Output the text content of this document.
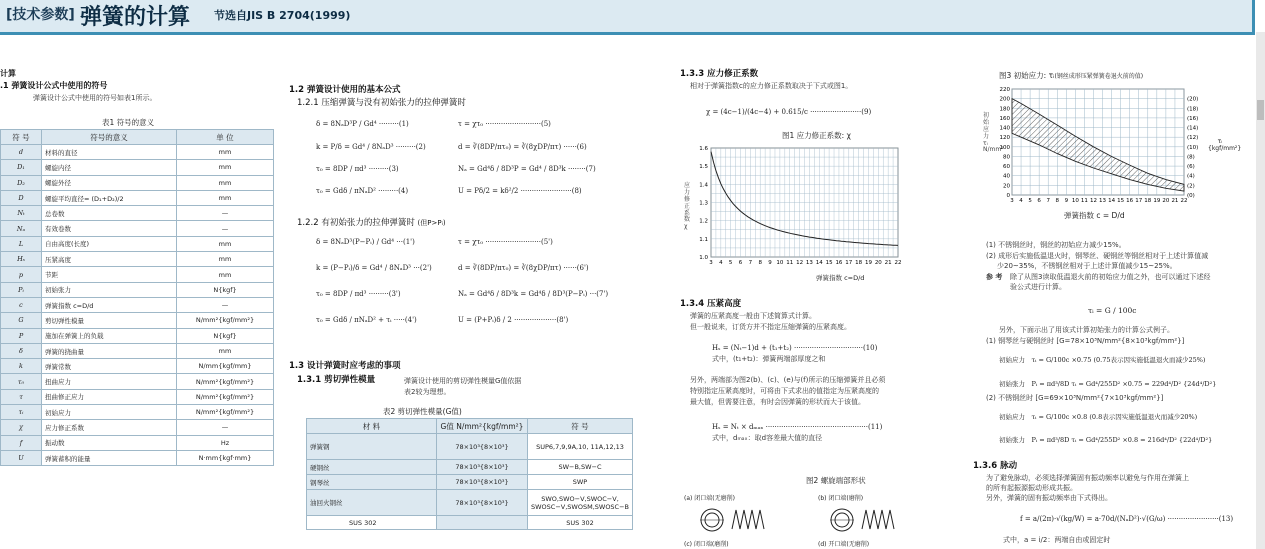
[技术参数] 弹簧的计算 节选自JIS B 2704(1999)
计算
.1 弹簧设计公式中使用的符号
弹簧设计公式中使用的符号如表1所示。
表1 符号的意义
符 号	符号的意义	单 位
d	材料的直径	mm
D₁	螺旋内径	mm
D₂	螺旋外径	mm
D	螺旋平均直径= (D₁+D₂)/2	mm
Nₜ	总卷数	—
Nₐ	有效卷数	—
L	自由高度(长度)	mm
Hₛ	压紧高度	mm
p	节距	mm
Pᵢ	初始张力	N{kgf}
c	弹簧指数 c=D/d	—
G	剪切弹性模量	N/mm²{kgf/mm²}
P	施加在弹簧上的负载	N{kgf}
δ	弹簧的挠曲量	mm
k	弹簧常数	N/mm{kgf/mm}
τ₀	扭曲应力	N/mm²{kgf/mm²}
τ	扭曲修正应力	N/mm²{kgf/mm²}
τᵢ	初始应力	N/mm²{kgf/mm²}
χ	应力修正系数	—
f	振动数	Hz
U	弹簧蓄积的能量	N·mm{kgf·mm}
1.2 弹簧设计使用的基本公式
1.2.1 压缩弹簧与没有初始张力的拉伸弹簧时
δ = 8NₐD³P / Gd⁴ ·········(1)
k = P/δ = Gd⁴ / 8NₐD³ ·········(2)
τ₀ = 8DP / πd³ ·········(3)
τ₀ = Gdδ / πNₐD² ·········(4)
τ = χτ₀ ·························(5)
d = ∛(8DP/πτ₀) = ∛(8χDP/πτ) ······(6)
Nₐ = Gd⁴δ / 8D³P = Gd⁴ / 8D³k ········(7)
U = Pδ/2 = kδ²/2 ·······················(8)
1.2.2 有初始张力的拉伸弹簧时 (但P>Pᵢ)
δ = 8NₐD³(P−Pᵢ) / Gd⁴ ···(1')
k = (P−Pᵢ)/δ = Gd⁴ / 8NₐD³ ···(2')
τ₀ = 8DP / πd³ ·········(3')
τ₀ = Gdδ / πNₐD² + τᵢ ·····(4')
τ = χτ₀ ·························(5')
d = ∛(8DP/πτ₀) = ∛(8χDP/πτ) ······(6')
Nₐ = Gd⁴δ / 8D³k = Gd⁴δ / 8D³(P−Pᵢ) ···(7')
U = (P+Pᵢ)δ / 2 ···················(8')
1.3 设计弹簧时应考虑的事项
1.3.1 剪切弹性模量	弹簧设计使用的剪切弹性模量G值依据
表2较为理想。
表2 剪切弹性模量(G值)
材 料	G值 N/mm²{kgf/mm²}	符 号
弹簧钢	78×10³{8×10³}	SUP6,7,9,9A,10, 11A,12,13
硬钢丝	78×10³{8×10³}	SW−B,SW−C
钢琴丝	78×10³{8×10³}	SWP
油回火钢丝	78×10³{8×10³}	SWO,SWO−V,SWOC−V, SWOSC−V,SWOSM,SWOSC−B
SUS 302		SUS 302
1.3.3 应力修正系数
相对于弹簧指数c的应力修正系数取决于下式或图1。
χ = (4c−1)/(4c−4) + 0.615/c ·······················(9)
图1 应力修正系数: χ
应力修正系数 χ
1.6
1.5
1.4
1.3
1.2
1.1
1.0
3 4 5 6 7 8 9 10 11 12 13 14 15 16 17 18 19 20 21 22
弹簧指数 c=D/d
1.3.4 压紧高度
弹簧的压紧高度一般由下述简算式计算。
但一般说来，订货方并不指定压缩弹簧的压紧高度。
Hₛ = (Nₜ−1)d + (t₁+t₂) ·······························(10)
式中，(t₁+t₂)：弹簧两端部厚度之和
另外，两端部为图2(b)、(c)、(e)与(f)所示的压缩弹簧并且必须
特别指定压紧高度时，可将由下式求出的值指定为压紧高度的
最大值，但需要注意，有时会因弹簧的形状而大于该值。
Hₛ = Nₜ × dₘₐₓ ··············································(11)
式中，dₘₐₓ：取d容差最大值的直径
图2 螺旋端部形状
(a) 闭口端(无磨削)	(b) 闭口端(磨削)
(c) 闭口端(磨削)	(d) 开口端(无磨削)
图3 初始应力: τᵢ(钢丝成形压紧弹簧卷退火前的值)
初始应力 τᵢ N/mm²
τᵢ {kgf/mm²}
220
200
180
160
140
120
100
80
60
40
20
0
(20)
(18)
(16)
(14)
(12)
(10)
(8)
(6)
(4)
(2)
(0)
3 4 5 6 7 8 9 10 11 12 13 14 15 16 17 18 19 20 21 22
弹簧指数 c = D/d
(1) 不锈钢丝时，钢丝的初始应力减少15%。
(2) 成形后实施低温退火时，钢琴丝、硬钢丝等钢丝相对于上述计算值减
少20~35%，不锈钢丝相对于上述计算值减少15~25%。
参 考 除了从图3读取低温退火前的初始应力值之外，也可以通过下述经
验公式进行计算。
τᵢ = G / 100c
另外，下面示出了用该式计算初始张力的计算公式例子。
(1) 钢琴丝与硬钢丝时 [G=78×10³N/mm²{8×10³kgf/mm²}]
初始应力　τᵢ = G/100c ×0.75 (0.75表示因实施低温退火而减少25%)
初始张力　Pᵢ = πd³/8D τᵢ = Gd⁴/255D² ×0.75 = 229d⁴/D² {24d⁴/D²}
(2) 不锈钢丝时 [G=69×10³N/mm²{7×10³kgf/mm²}]
初始应力　τᵢ = G/100c ×0.8 (0.8表示因实施低温退火而减少20%)
初始张力　Pᵢ = πd³/8D τᵢ = Gd⁴/255D² ×0.8 = 216d⁴/D² {22d⁴/D²}
1.3.6 脉动
为了避免脉动，必须选择弹簧固有振动频率以避免与作用在弹簧上
的所有起振源振动形成共振。
另外，弹簧的固有振动频率由下式得出。
f = a/(2π)·√(kg/W) = a·70d/(NₐD²)·√(G/ω) ·······················(13)
式中，a = i/2：两端自由或固定时
